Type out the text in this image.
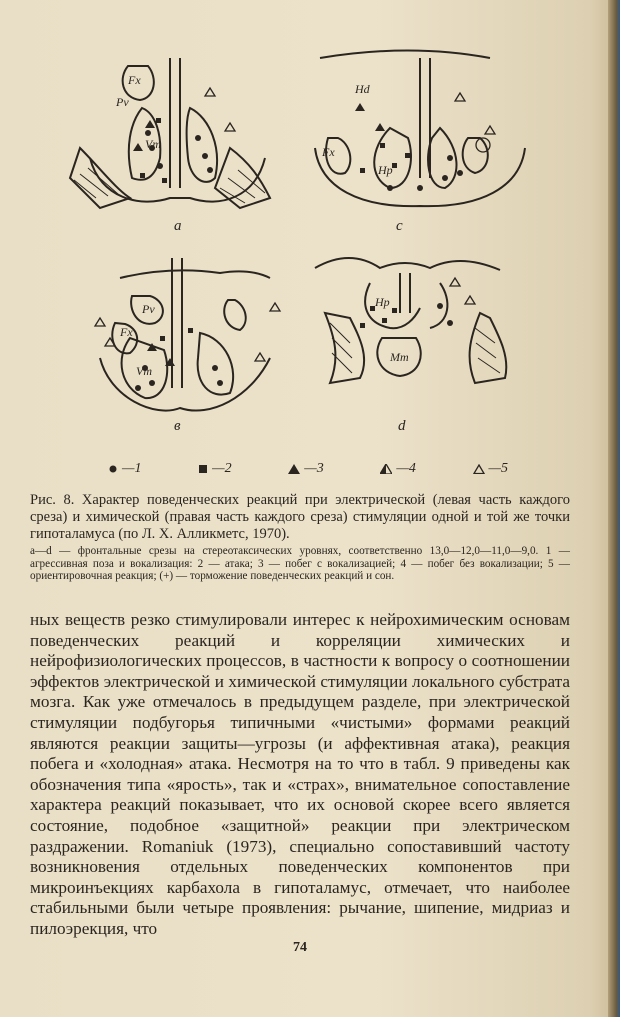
Fx
Pv
Vm
Hd
Fx
Hp
Pv
Fx
Vm
Hp
Mm
a	c
в	d
—1	—2	—3	—4	—5

Рис. 8. Характер поведенческих реакций при электрической (левая часть каждого среза) и химической (правая часть каждого среза) стимуляции одной и той же точки гипоталамуса (по Л. Х. Алликметс, 1970).

a—d — фронтальные срезы на стереотаксических уровнях, соответственно 13,0—12,0—11,0—9,0. 1 — агрессивная поза и вокализация: 2 — атака; 3 — побег с вокализацией; 4 — побег без вокализации; 5 — ориентировочная реакция; (+) — торможение поведенческих реакций и сон.

ных веществ резко стимулировали интерес к нейрохимическим основам поведенческих реакций и корреляции химических и нейрофизиологических процессов, в частности к вопросу о соотношении эффектов электрической и химической стимуляции локального субстрата мозга. Как уже отмечалось в предыдущем разделе, при электрической стимуляции подбугорья типичными «чистыми» формами реакций являются реакции защиты—угрозы (и аффективная атака), реакция побега и «холодная» атака. Несмотря на то что в табл. 9 приведены как обозначения типа «ярость», так и «страх», внимательное сопоставление характера реакций показывает, что их основой скорее всего является состояние, подобное «защитной» реакции при электрическом раздражении. Romaniuk (1973), специально сопоставивший частоту возникновения отдельных поведенческих компонентов при микроинъекциях карбахола в гипоталамус, отмечает, что наиболее стабильными были четыре проявления: рычание, шипение, мидриаз и пилоэрекция, что

74
